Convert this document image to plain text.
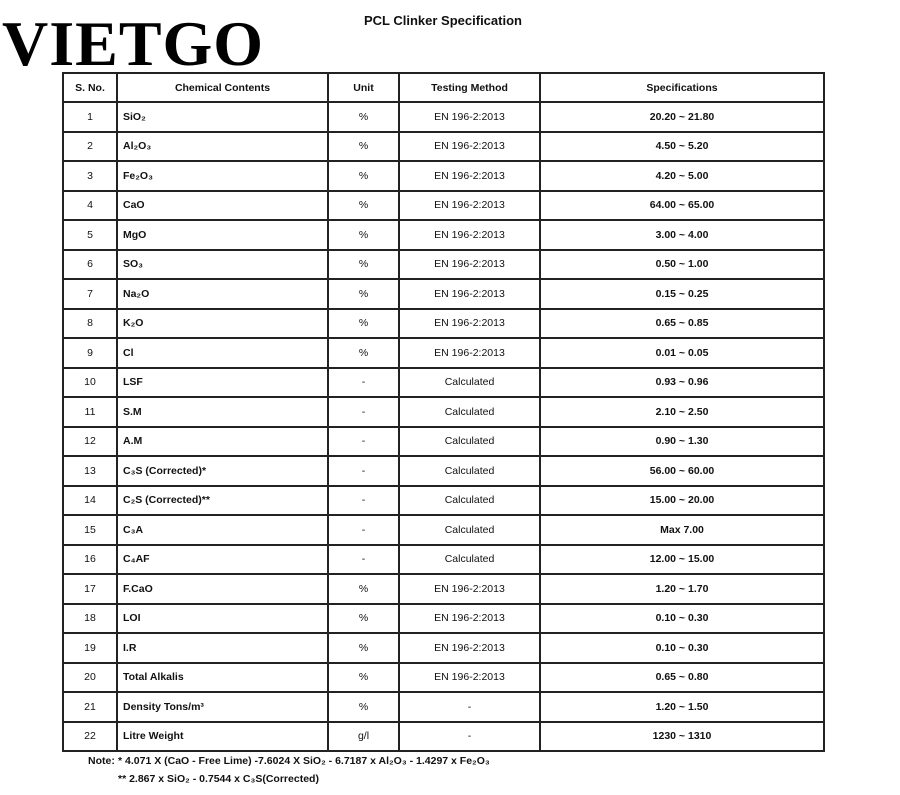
VIETGO	PCL Clinker Specification
S. No.	Chemical Contents	Unit	Testing Method	Specifications
1	SiO₂	%	EN 196-2:2013	20.20 ~ 21.80
2	Al₂O₃	%	EN 196-2:2013	4.50 ~ 5.20
3	Fe₂O₃	%	EN 196-2:2013	4.20 ~ 5.00
4	CaO	%	EN 196-2:2013	64.00 ~ 65.00
5	MgO	%	EN 196-2:2013	3.00 ~ 4.00
6	SO₃	%	EN 196-2:2013	0.50 ~ 1.00
7	Na₂O	%	EN 196-2:2013	0.15 ~ 0.25
8	K₂O	%	EN 196-2:2013	0.65 ~ 0.85
9	Cl	%	EN 196-2:2013	0.01 ~ 0.05
10	LSF	-	Calculated	0.93 ~ 0.96
11	S.M	-	Calculated	2.10 ~ 2.50
12	A.M	-	Calculated	0.90 ~ 1.30
13	C₃S (Corrected)*	-	Calculated	56.00 ~ 60.00
14	C₂S (Corrected)**	-	Calculated	15.00 ~ 20.00
15	C₃A	-	Calculated	Max 7.00
16	C₄AF	-	Calculated	12.00 ~ 15.00
17	F.CaO	%	EN 196-2:2013	1.20 ~ 1.70
18	LOI	%	EN 196-2:2013	0.10 ~ 0.30
19	I.R	%	EN 196-2:2013	0.10 ~ 0.30
20	Total Alkalis	%	EN 196-2:2013	0.65 ~ 0.80
21	Density Tons/m³	%	-	1.20 ~ 1.50
22	Litre Weight	g/l	-	1230 ~ 1310
Note: * 4.071 X (CaO - Free Lime) -7.6024 X SiO₂ - 6.7187 x Al₂O₃ - 1.4297 x Fe₂O₃
** 2.867 x SiO₂ - 0.7544 x C₃S(Corrected)
